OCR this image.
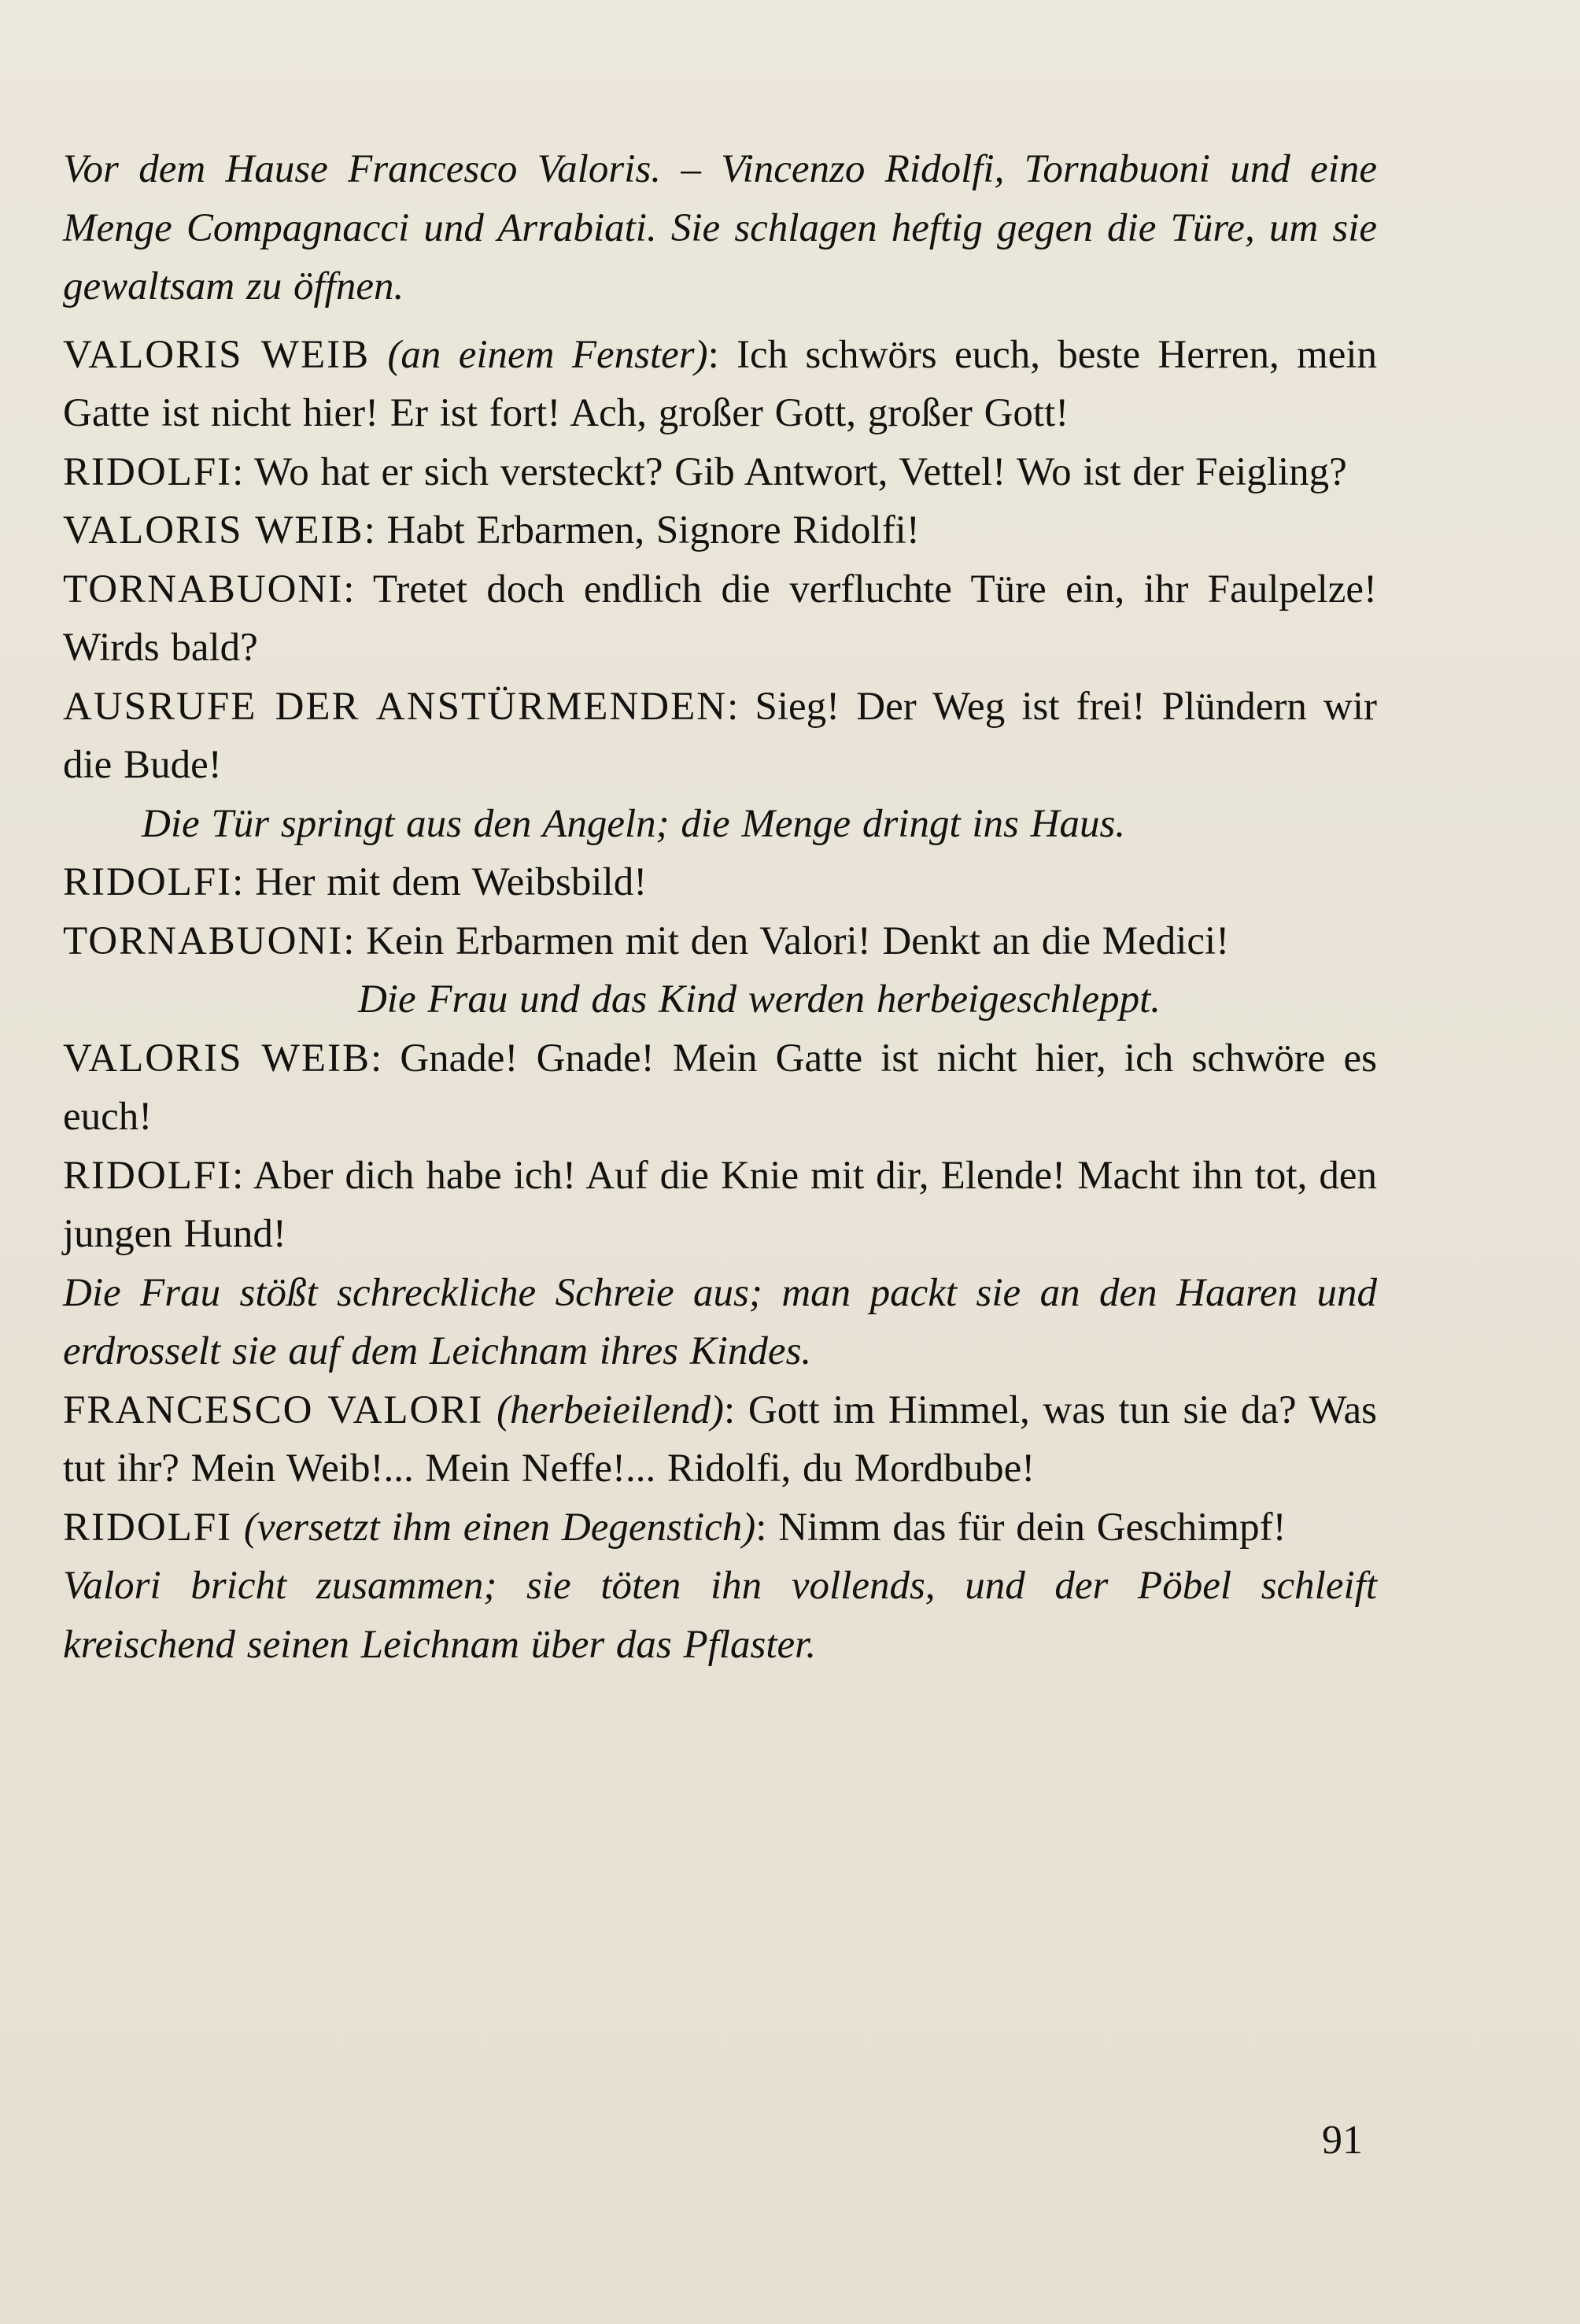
Vor dem Hause Francesco Valoris. – Vincenzo Ridolfi, Tornabuoni und eine Menge Compagnacci und Arrabiati. Sie schlagen heftig gegen die Türe, um sie gewaltsam zu öffnen.

VALORIS WEIB (an einem Fenster): Ich schwörs euch, beste Herren, mein Gatte ist nicht hier! Er ist fort! Ach, großer Gott, großer Gott!

RIDOLFI: Wo hat er sich versteckt? Gib Antwort, Vettel! Wo ist der Feigling?

VALORIS WEIB: Habt Erbarmen, Signore Ridolfi!

TORNABUONI: Tretet doch endlich die verfluchte Türe ein, ihr Faulpelze! Wirds bald?

AUSRUFE DER ANSTÜRMENDEN: Sieg! Der Weg ist frei! Plündern wir die Bude!

Die Tür springt aus den Angeln; die Menge dringt ins Haus.

RIDOLFI: Her mit dem Weibsbild!

TORNABUONI: Kein Erbarmen mit den Valori! Denkt an die Medici!

Die Frau und das Kind werden herbeigeschleppt.

VALORIS WEIB: Gnade! Gnade! Mein Gatte ist nicht hier, ich schwöre es euch!

RIDOLFI: Aber dich habe ich! Auf die Knie mit dir, Elende! Macht ihn tot, den jungen Hund!

Die Frau stößt schreckliche Schreie aus; man packt sie an den Haaren und erdrosselt sie auf dem Leichnam ihres Kindes.

FRANCESCO VALORI (herbeieilend): Gott im Himmel, was tun sie da? Was tut ihr? Mein Weib!... Mein Neffe!... Ridolfi, du Mordbube!

RIDOLFI (versetzt ihm einen Degenstich): Nimm das für dein Geschimpf!

Valori bricht zusammen; sie töten ihn vollends, und der Pöbel schleift kreischend seinen Leichnam über das Pflaster.

91
